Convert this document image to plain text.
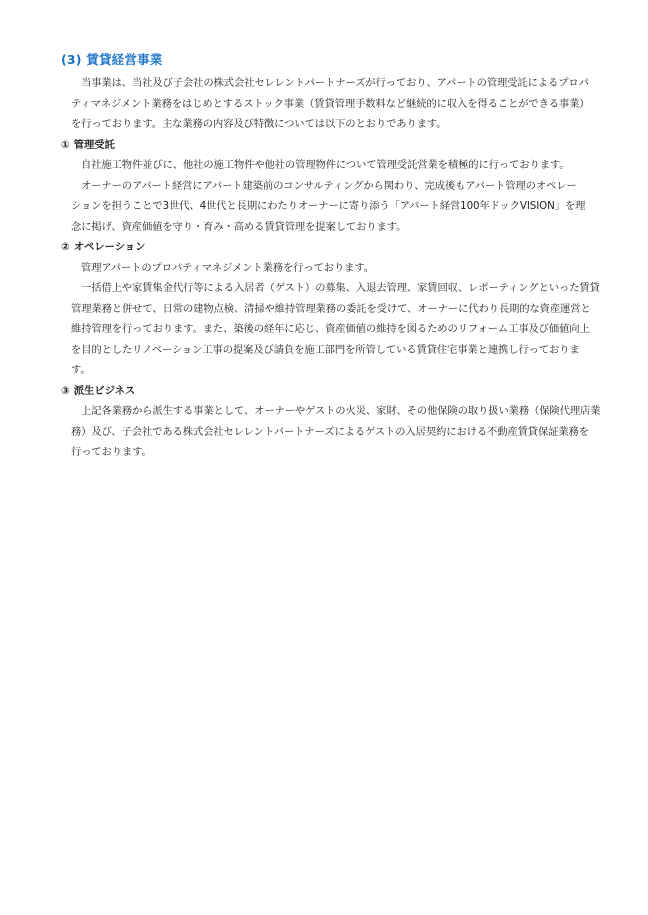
(3) 賃貸経営事業

当事業は、当社及び子会社の株式会社セレレントパートナーズが行っており、アパートの管理受託によるプロパ
ティマネジメント業務をはじめとするストック事業（賃貸管理手数料など継続的に収入を得ることができる事業）
を行っております。主な業務の内容及び特徴については以下のとおりであります。

① 管理受託

自社施工物件並びに、他社の施工物件や他社の管理物件について管理受託営業を積極的に行っております。

オーナーのアパート経営にアパート建築前のコンサルティングから関わり、完成後もアパート管理のオペレー
ションを担うことで3世代、4世代と長期にわたりオーナーに寄り添う「アパート経営100年ドックVISION」を理
念に掲げ、資産価値を守り・育み・高める賃貸管理を提案しております。

② オペレーション

管理アパートのプロパティマネジメント業務を行っております。

一括借上や家賃集金代行等による入居者（ゲスト）の募集、入退去管理、家賃回収、レポーティングといった賃貸
管理業務と併せて、日常の建物点検、清掃や維持管理業務の委託を受けて、オーナーに代わり長期的な資産運営と
維持管理を行っております。また、築後の経年に応じ、資産価値の維持を図るためのリフォーム工事及び価値向上
を目的としたリノベーション工事の提案及び請負を施工部門を所管している賃貸住宅事業と連携し行っておりま
す。

③ 派生ビジネス

上記各業務から派生する事業として、オーナーやゲストの火災、家財、その他保険の取り扱い業務（保険代理店業
務）及び、子会社である株式会社セレレントパートナーズによるゲストの入居契約における不動産賃貸保証業務を
行っております。
